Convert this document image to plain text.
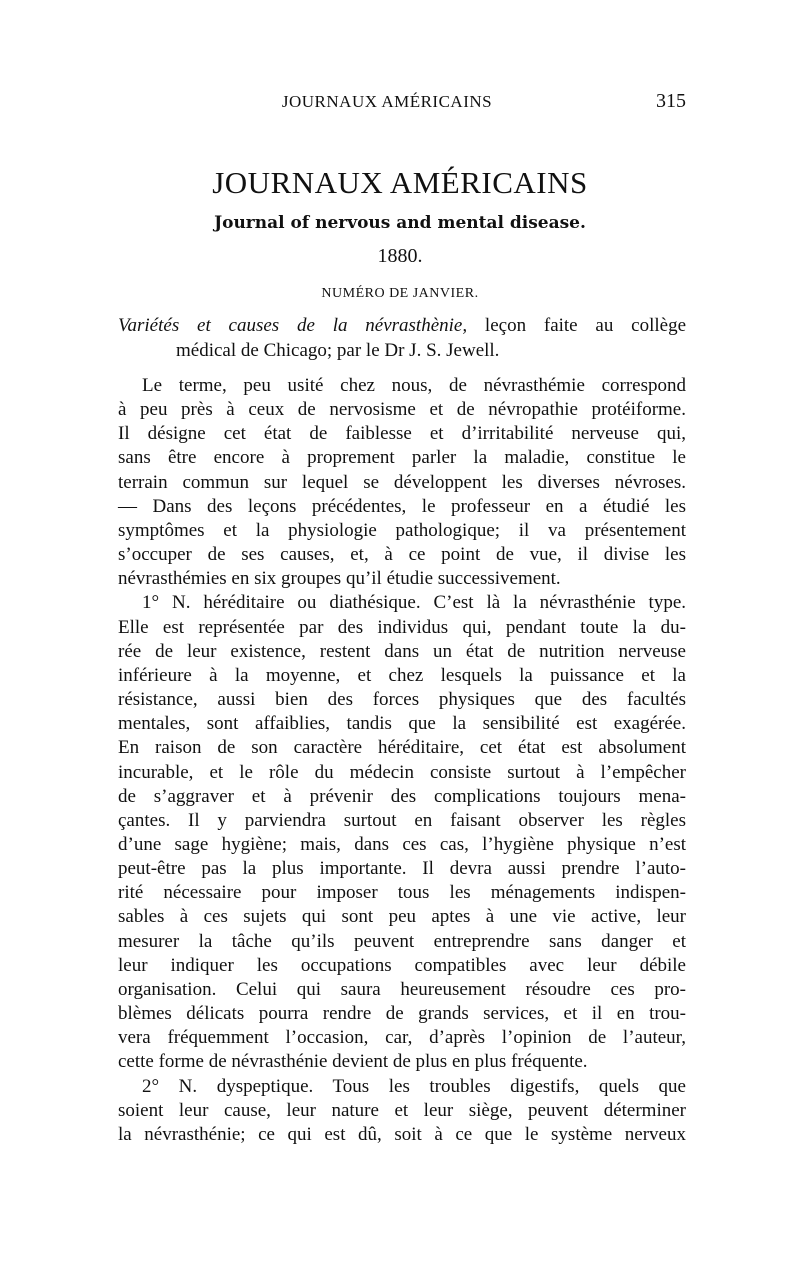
JOURNAUX AMÉRICAINS	315
JOURNAUX AMÉRICAINS
Journal of nervous and mental disease.
1880.
NUMÉRO DE JANVIER.
Variétés et causes de la névrasthènie, leçon faite au collège
médical de Chicago; par le Dr J. S. Jewell.
Le terme, peu usité chez nous, de névrasthémie correspond
à peu près à ceux de nervosisme et de névropathie protéiforme.
Il désigne cet état de faiblesse et d’irritabilité nerveuse qui,
sans être encore à proprement parler la maladie, constitue le
terrain commun sur lequel se développent les diverses névroses.
— Dans des leçons précédentes, le professeur en a étudié les
symptômes et la physiologie pathologique; il va présentement
s’occuper de ses causes, et, à ce point de vue, il divise les
névrasthémies en six groupes qu’il étudie successivement.
1° N. héréditaire ou diathésique. C’est là la névrasthénie type.
Elle est représentée par des individus qui, pendant toute la du-
rée de leur existence, restent dans un état de nutrition nerveuse
inférieure à la moyenne, et chez lesquels la puissance et la
résistance, aussi bien des forces physiques que des facultés
mentales, sont affaiblies, tandis que la sensibilité est exagérée.
En raison de son caractère héréditaire, cet état est absolument
incurable, et le rôle du médecin consiste surtout à l’empêcher
de s’aggraver et à prévenir des complications toujours mena-
çantes. Il y parviendra surtout en faisant observer les règles
d’une sage hygiène; mais, dans ces cas, l’hygiène physique n’est
peut-être pas la plus importante. Il devra aussi prendre l’auto-
rité nécessaire pour imposer tous les ménagements indispen-
sables à ces sujets qui sont peu aptes à une vie active, leur
mesurer la tâche qu’ils peuvent entreprendre sans danger et
leur indiquer les occupations compatibles avec leur débile
organisation. Celui qui saura heureusement résoudre ces pro-
blèmes délicats pourra rendre de grands services, et il en trou-
vera fréquemment l’occasion, car, d’après l’opinion de l’auteur,
cette forme de névrasthénie devient de plus en plus fréquente.
2° N. dyspeptique. Tous les troubles digestifs, quels que
soient leur cause, leur nature et leur siège, peuvent déterminer
la névrasthénie; ce qui est dû, soit à ce que le système nerveux
